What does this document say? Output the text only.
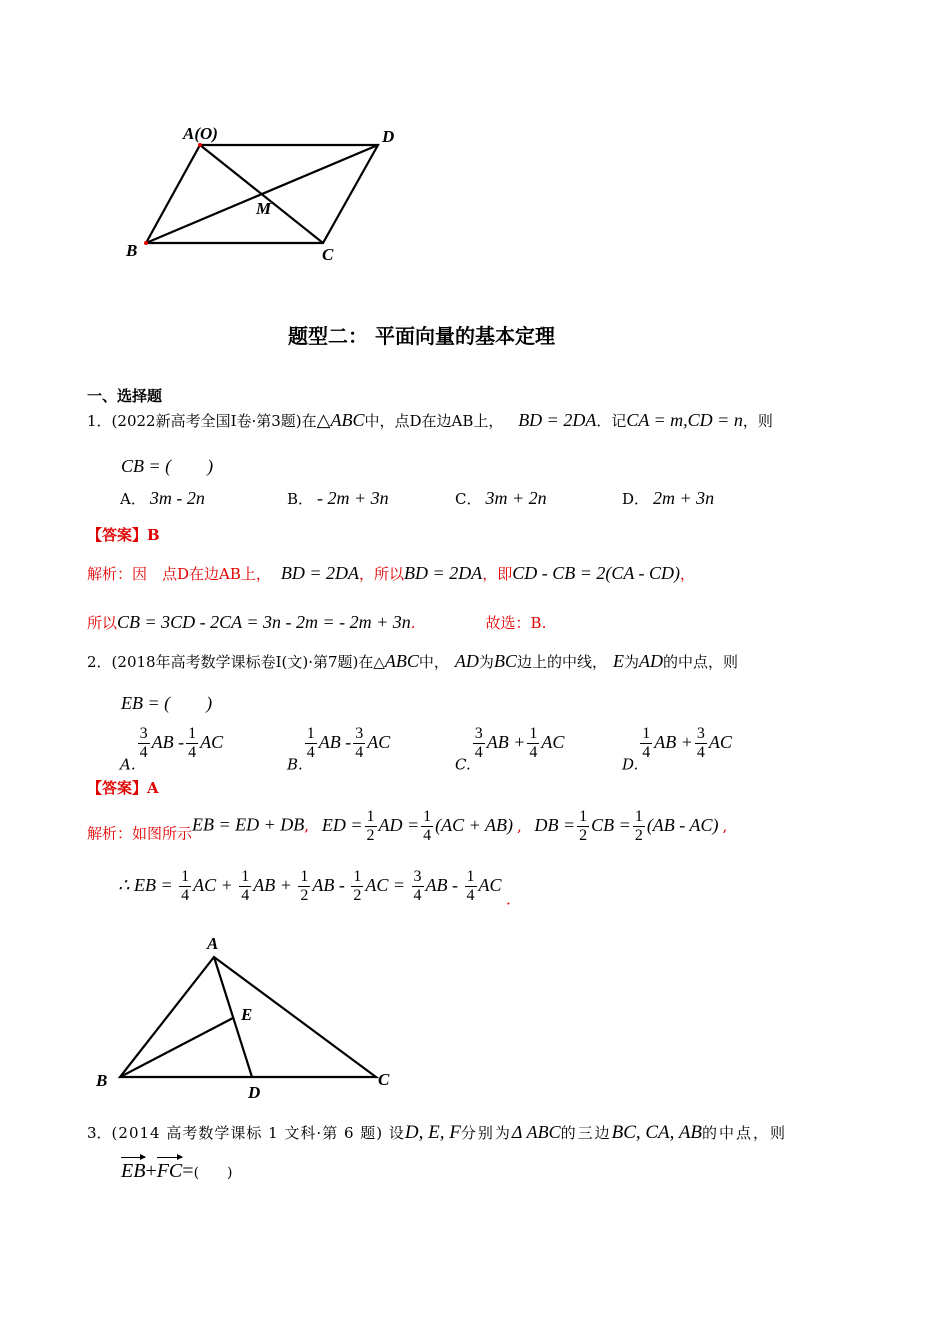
A(O)	D
M
B	C
题型二： 平面向量的基本定理
一、选择题
1．(2022新高考全国I卷·第3题)在△ABC中，点D在边AB上， BD = 2DA．记CA = m,CD = n，则
CB = (　　)
A． 3m - 2n	B． - 2m + 3n	C． 3m + 2n	D． 2m + 3n
【答案】B
解析：因　点D在边AB上， BD = 2DA，所以BD = 2DA，即CD - CB = 2(CA - CD)，
所以CB = 3CD - 2CA = 3n - 2m = - 2m + 3n.	故选：B.
2．(2018年高考数学课标卷Ⅰ(文)·第7题)在△ABC中， AD为BC边上的中线， E为AD的中点，则
EB = (　　)
A.
$\frac{3}{4}$ AB - $\frac{1}{4}$ AC
B.
$\frac{1}{4}$ AB - $\frac{3}{4}$ AC
C.
$\frac{3}{4}$ AB + $\frac{1}{4}$ AC
D.
$\frac{1}{4}$ AB + $\frac{3}{4}$ AC
【答案】A
解析：如图所示EB = ED + DB, ED = $\frac{1}{2}$ AD = $\frac{1}{4} (AC + AB)$ , DB = $\frac{1}{2}$ CB = $\frac{1}{2} (AB - AC)$ ,
∴ EB = $\frac{1}{4}$ AC + $\frac{1}{4}$ AB + $\frac{1}{2}$ AB - $\frac{1}{2}$ AC = $\frac{3}{4}$ AB - $\frac{1}{4}$ AC .
A
E
B
D
C
3．(2014 高考数学课标 1 文科·第 6 题) 设D, E, F分别为Δ ABC的三边BC, CA, AB的中点，则
EB+FC=(　　)
